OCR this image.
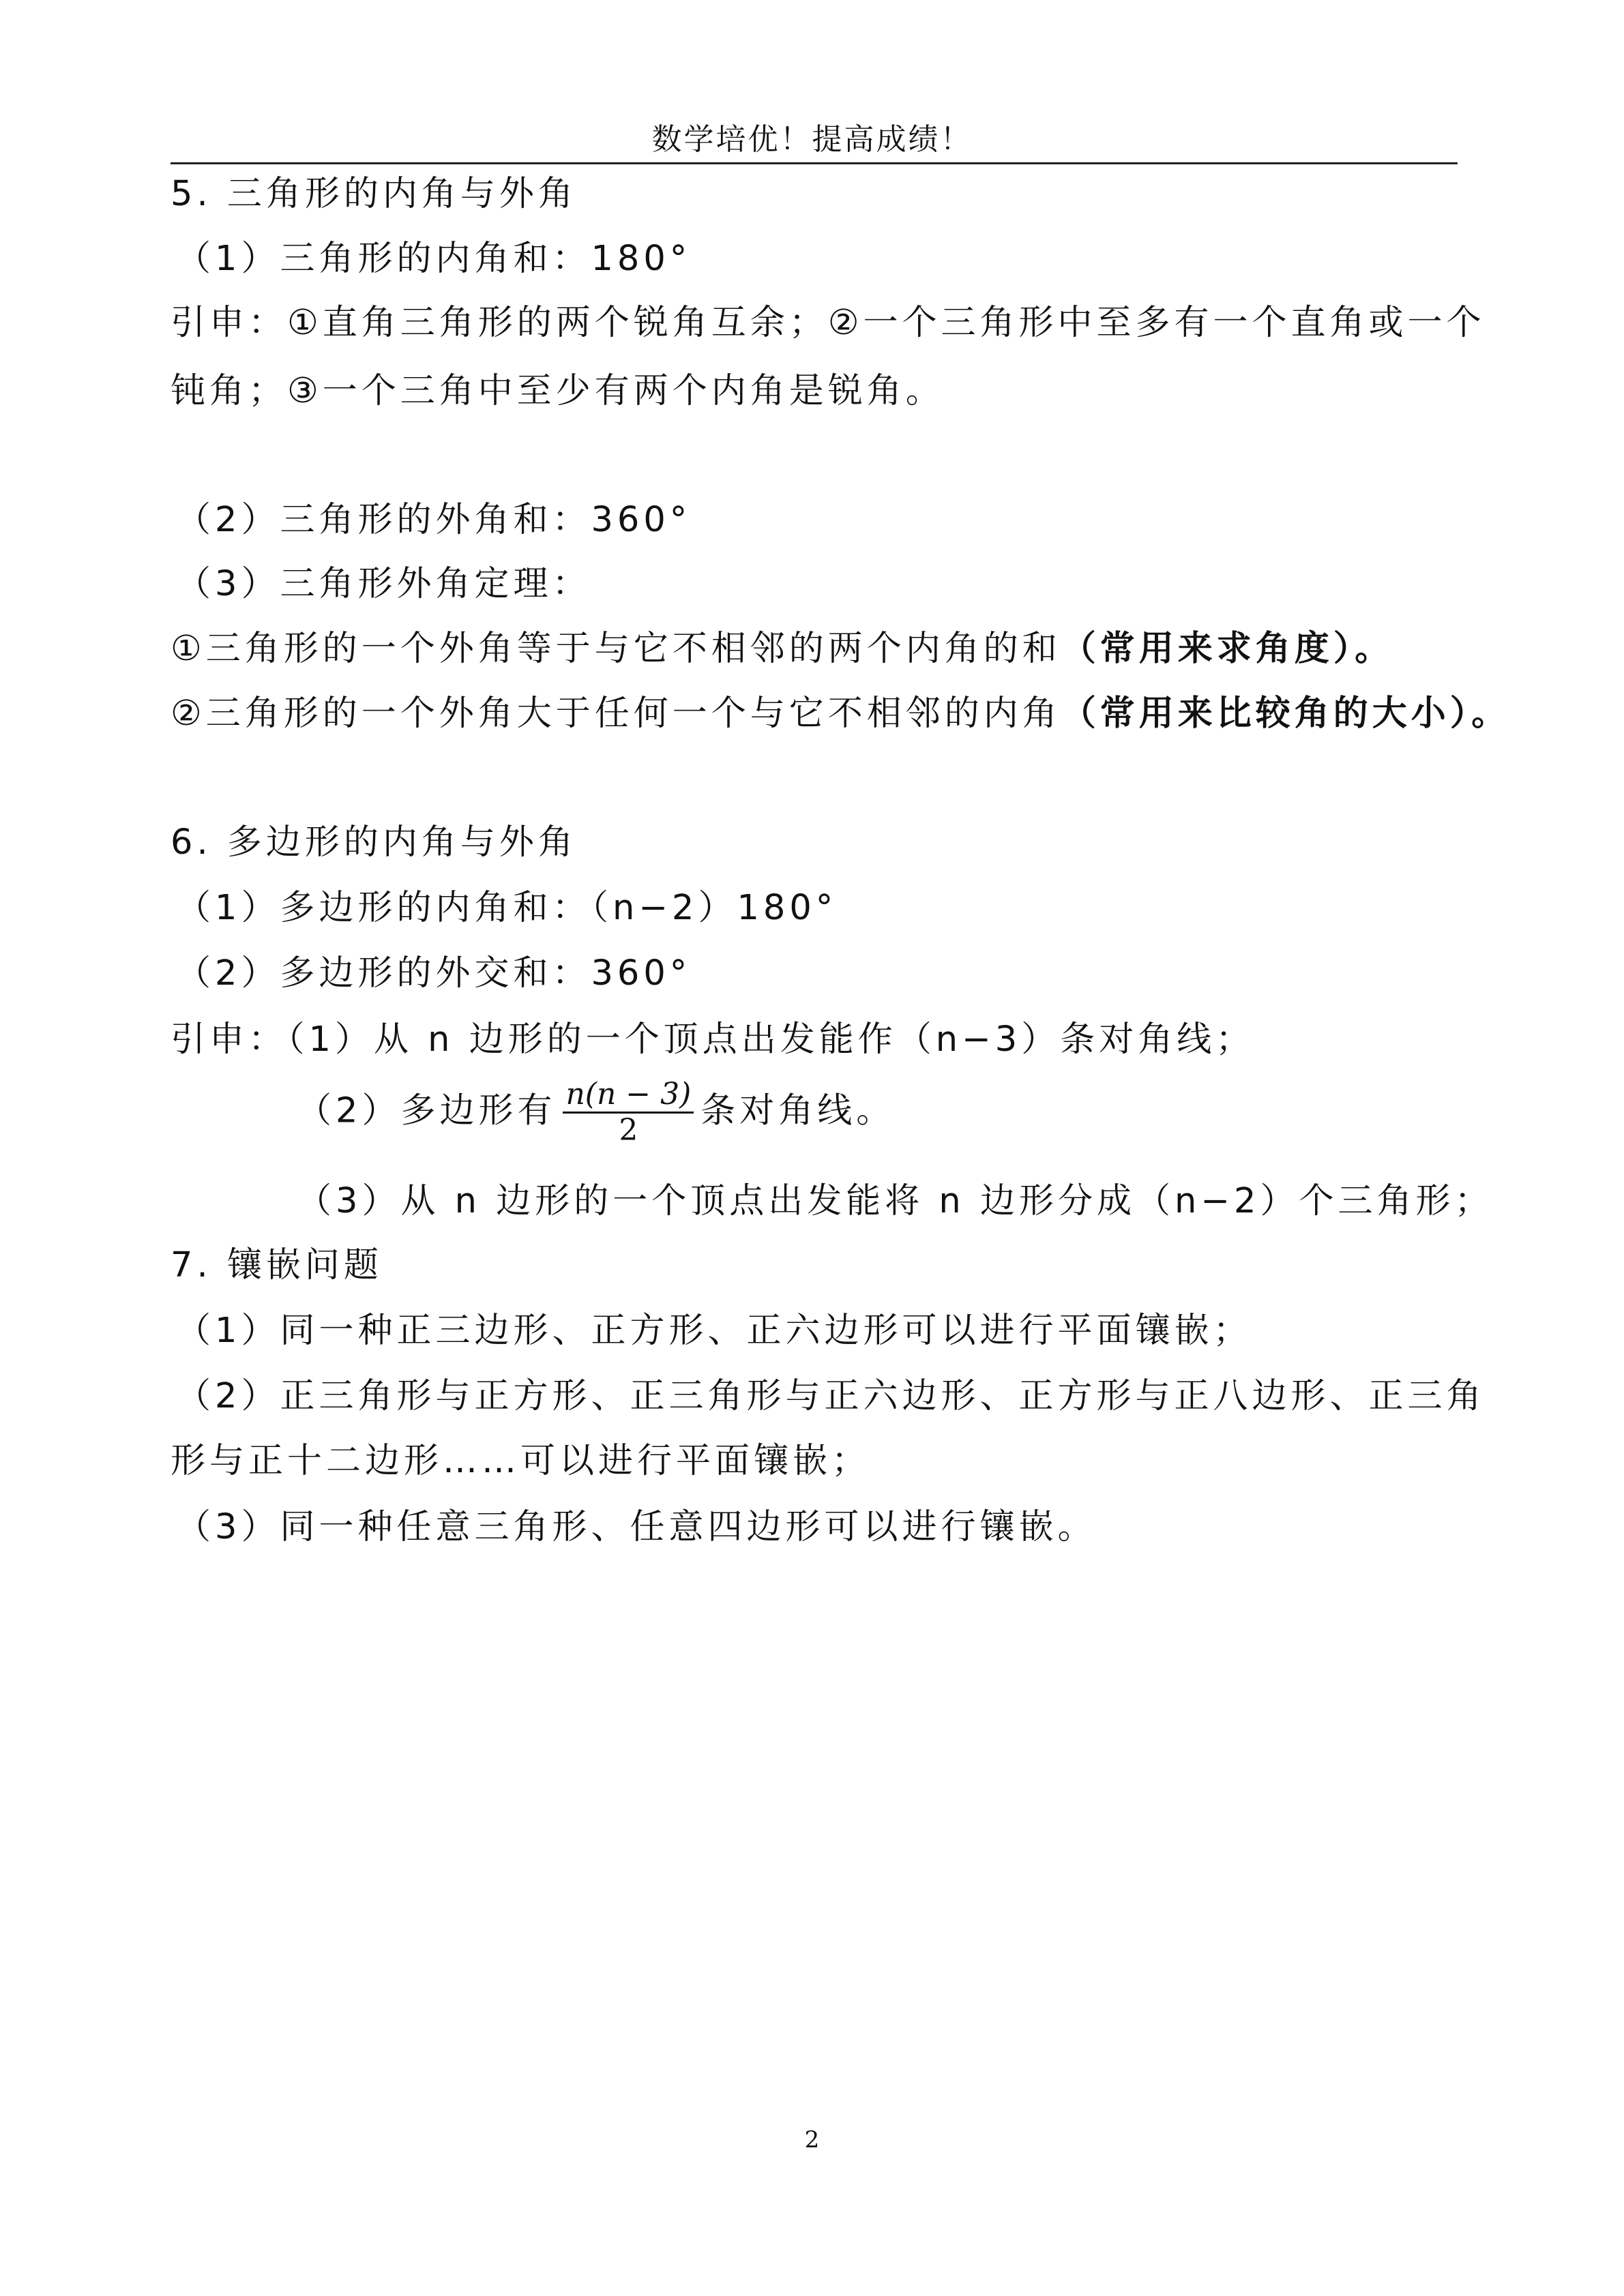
数学培优！提高成绩！
5. 三角形的内角与外角
（1）三角形的内角和：180°
引申：①直角三角形的两个锐角互余；②一个三角形中至多有一个直角或一个
钝角；③一个三角中至少有两个内角是锐角。
（2）三角形的外角和：360°
（3）三角形外角定理：
①三角形的一个外角等于与它不相邻的两个内角的和（常用来求角度）。
②三角形的一个外角大于任何一个与它不相邻的内角（常用来比较角的大小）。
6. 多边形的内角与外角
（1）多边形的内角和：（n−2）180°
（2）多边形的外交和：360°
引申：（1）从 n 边形的一个顶点出发能作（n−3）条对角线；
（2）多边形有 $\frac{n(n - 3)}{2}$ 条对角线。
（3）从 n 边形的一个顶点出发能将 n 边形分成（n−2）个三角形；
7. 镶嵌问题
（1）同一种正三边形、正方形、正六边形可以进行平面镶嵌；
（2）正三角形与正方形、正三角形与正六边形、正方形与正八边形、正三角
形与正十二边形……可以进行平面镶嵌；
（3）同一种任意三角形、任意四边形可以进行镶嵌。
2
